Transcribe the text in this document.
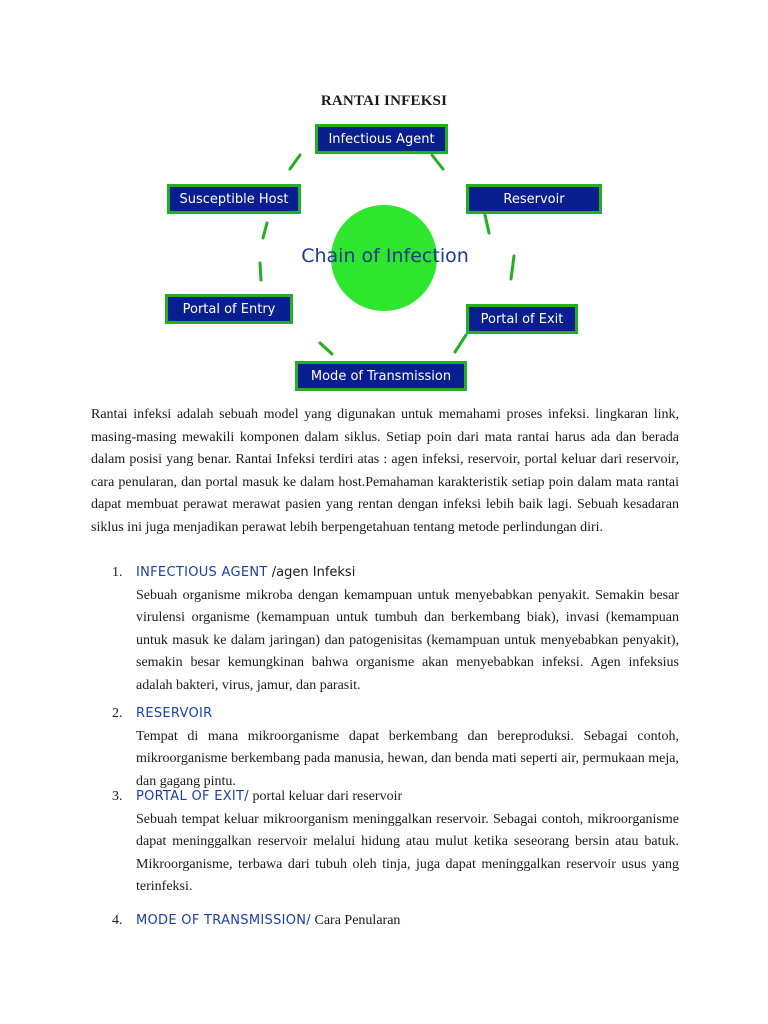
RANTAI INFEKSI
Chain of Infection
Infectious Agent
Reservoir
Portal of Exit
Mode of Transmission
Portal of Entry
Susceptible Host

Rantai infeksi adalah sebuah model yang digunakan untuk memahami proses infeksi. lingkaran link, masing-masing mewakili komponen dalam siklus. Setiap poin dari mata rantai harus ada dan berada dalam posisi yang benar. Rantai Infeksi terdiri atas : agen infeksi, reservoir, portal keluar dari reservoir, cara penularan, dan portal masuk ke dalam host.Pemahaman karakteristik setiap poin dalam mata rantai dapat membuat perawat merawat pasien yang rentan dengan infeksi lebih baik lagi. Sebuah kesadaran siklus ini juga menjadikan perawat lebih berpengetahuan tentang metode perlindungan diri.

1. INFECTIOUS AGENT /agen Infeksi

Sebuah organisme mikroba dengan kemampuan untuk menyebabkan penyakit. Semakin besar virulensi organisme (kemampuan untuk tumbuh dan berkembang biak), invasi (kemampuan untuk masuk ke dalam jaringan) dan patogenisitas (kemampuan untuk menyebabkan penyakit), semakin besar kemungkinan bahwa organisme akan menyebabkan infeksi. Agen infeksius adalah bakteri, virus, jamur, dan parasit.

2. RESERVOIR

Tempat di mana mikroorganisme dapat berkembang dan bereproduksi. Sebagai contoh, mikroorganisme berkembang pada manusia, hewan, dan benda mati seperti air, permukaan meja, dan gagang pintu.

3. PORTAL OF EXIT/ portal keluar dari reservoir

Sebuah tempat keluar mikroorganism meninggalkan reservoir. Sebagai contoh, mikroorganisme dapat meninggalkan reservoir melalui hidung atau mulut ketika seseorang bersin atau batuk. Mikroorganisme, terbawa dari tubuh oleh tinja, juga dapat meninggalkan reservoir usus yang terinfeksi.

4. MODE OF TRANSMISSION/ Cara Penularan
